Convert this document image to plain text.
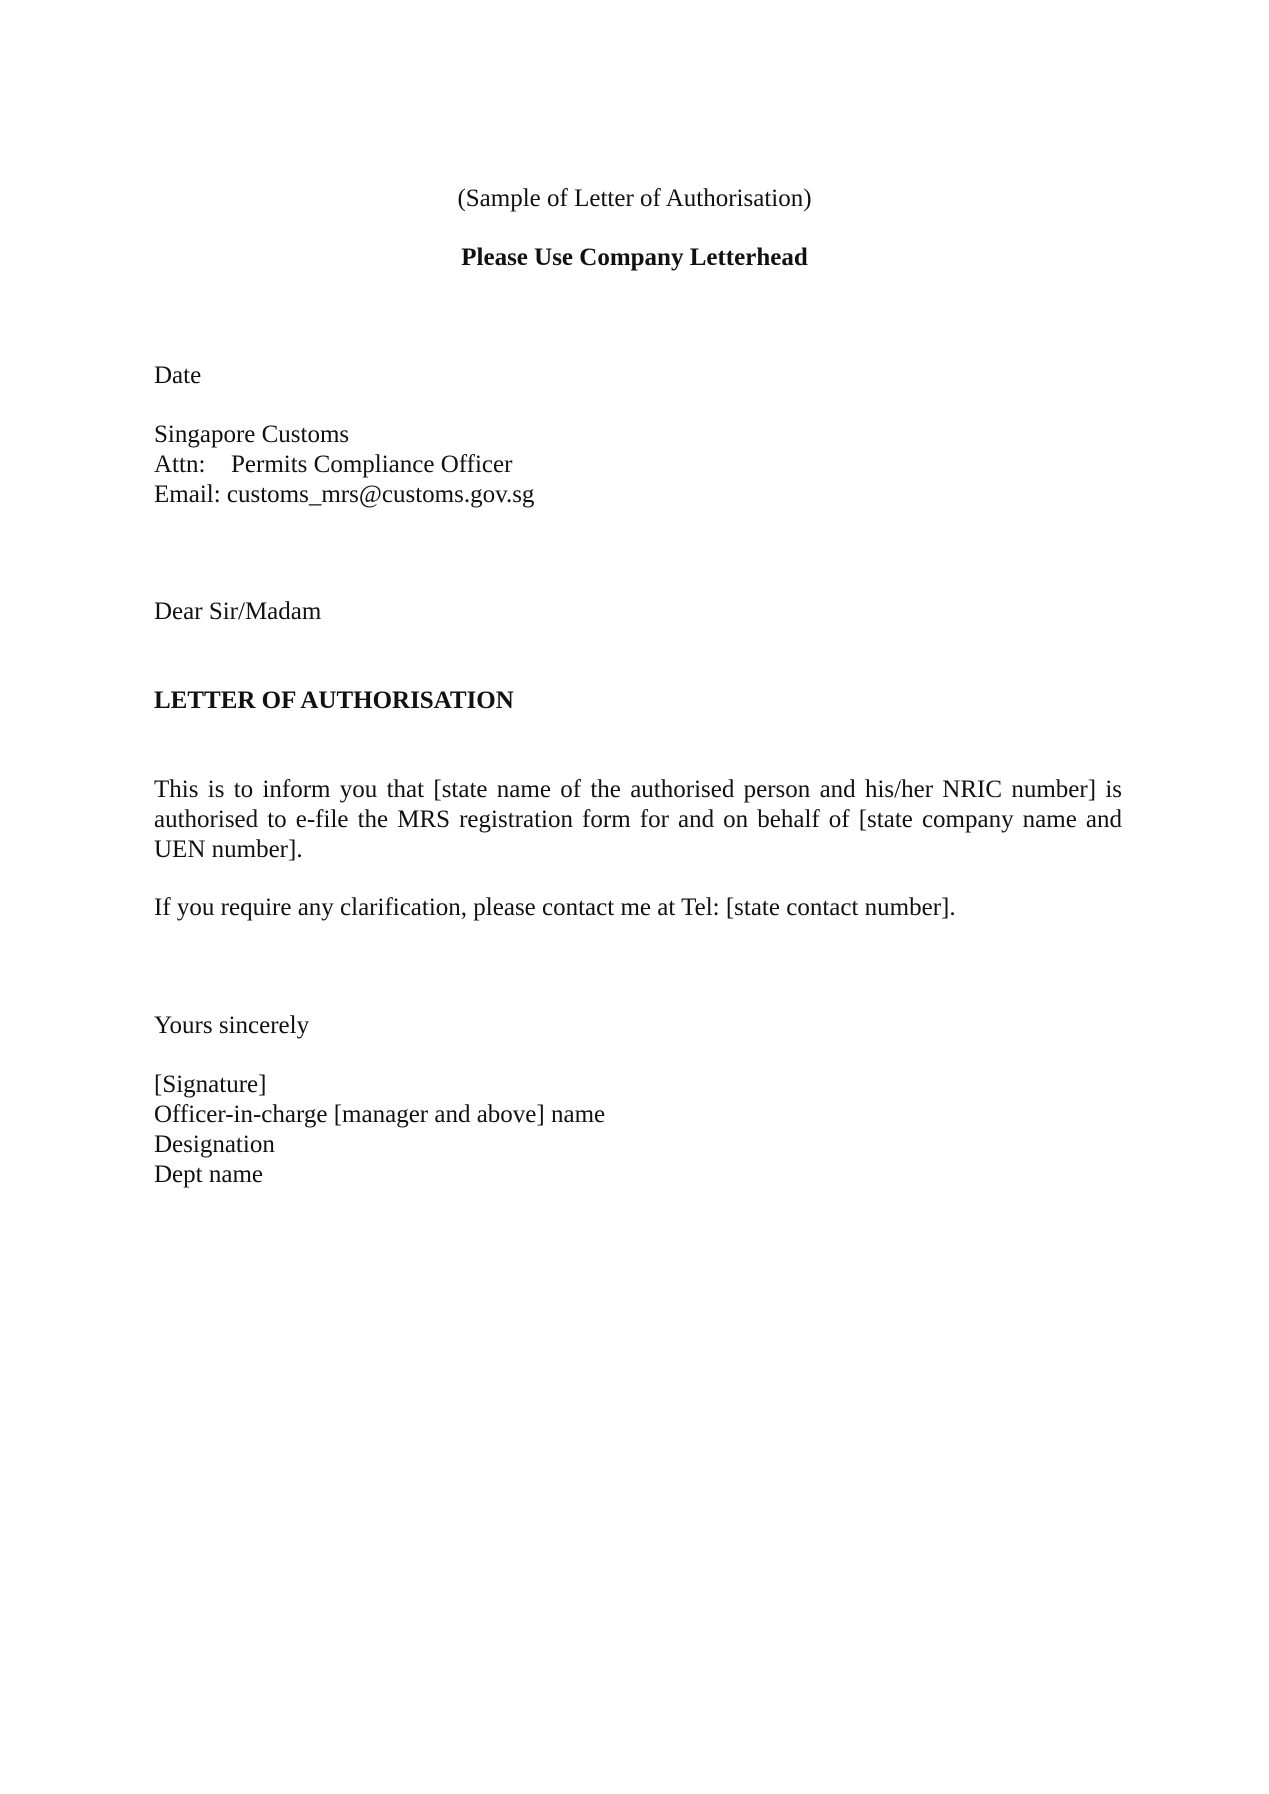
(Sample of Letter of Authorisation)
Please Use Company Letterhead
Date
Singapore Customs
Attn: Permits Compliance Officer
Email: customs_mrs@customs.gov.sg
Dear Sir/Madam
LETTER OF AUTHORISATION
This is to inform you that [state name of the authorised person and his/her NRIC number] is authorised to e-file the MRS registration form for and on behalf of [state company name and UEN number].
If you require any clarification, please contact me at Tel: [state contact number].
Yours sincerely
[Signature]
Officer-in-charge [manager and above] name
Designation
Dept name
